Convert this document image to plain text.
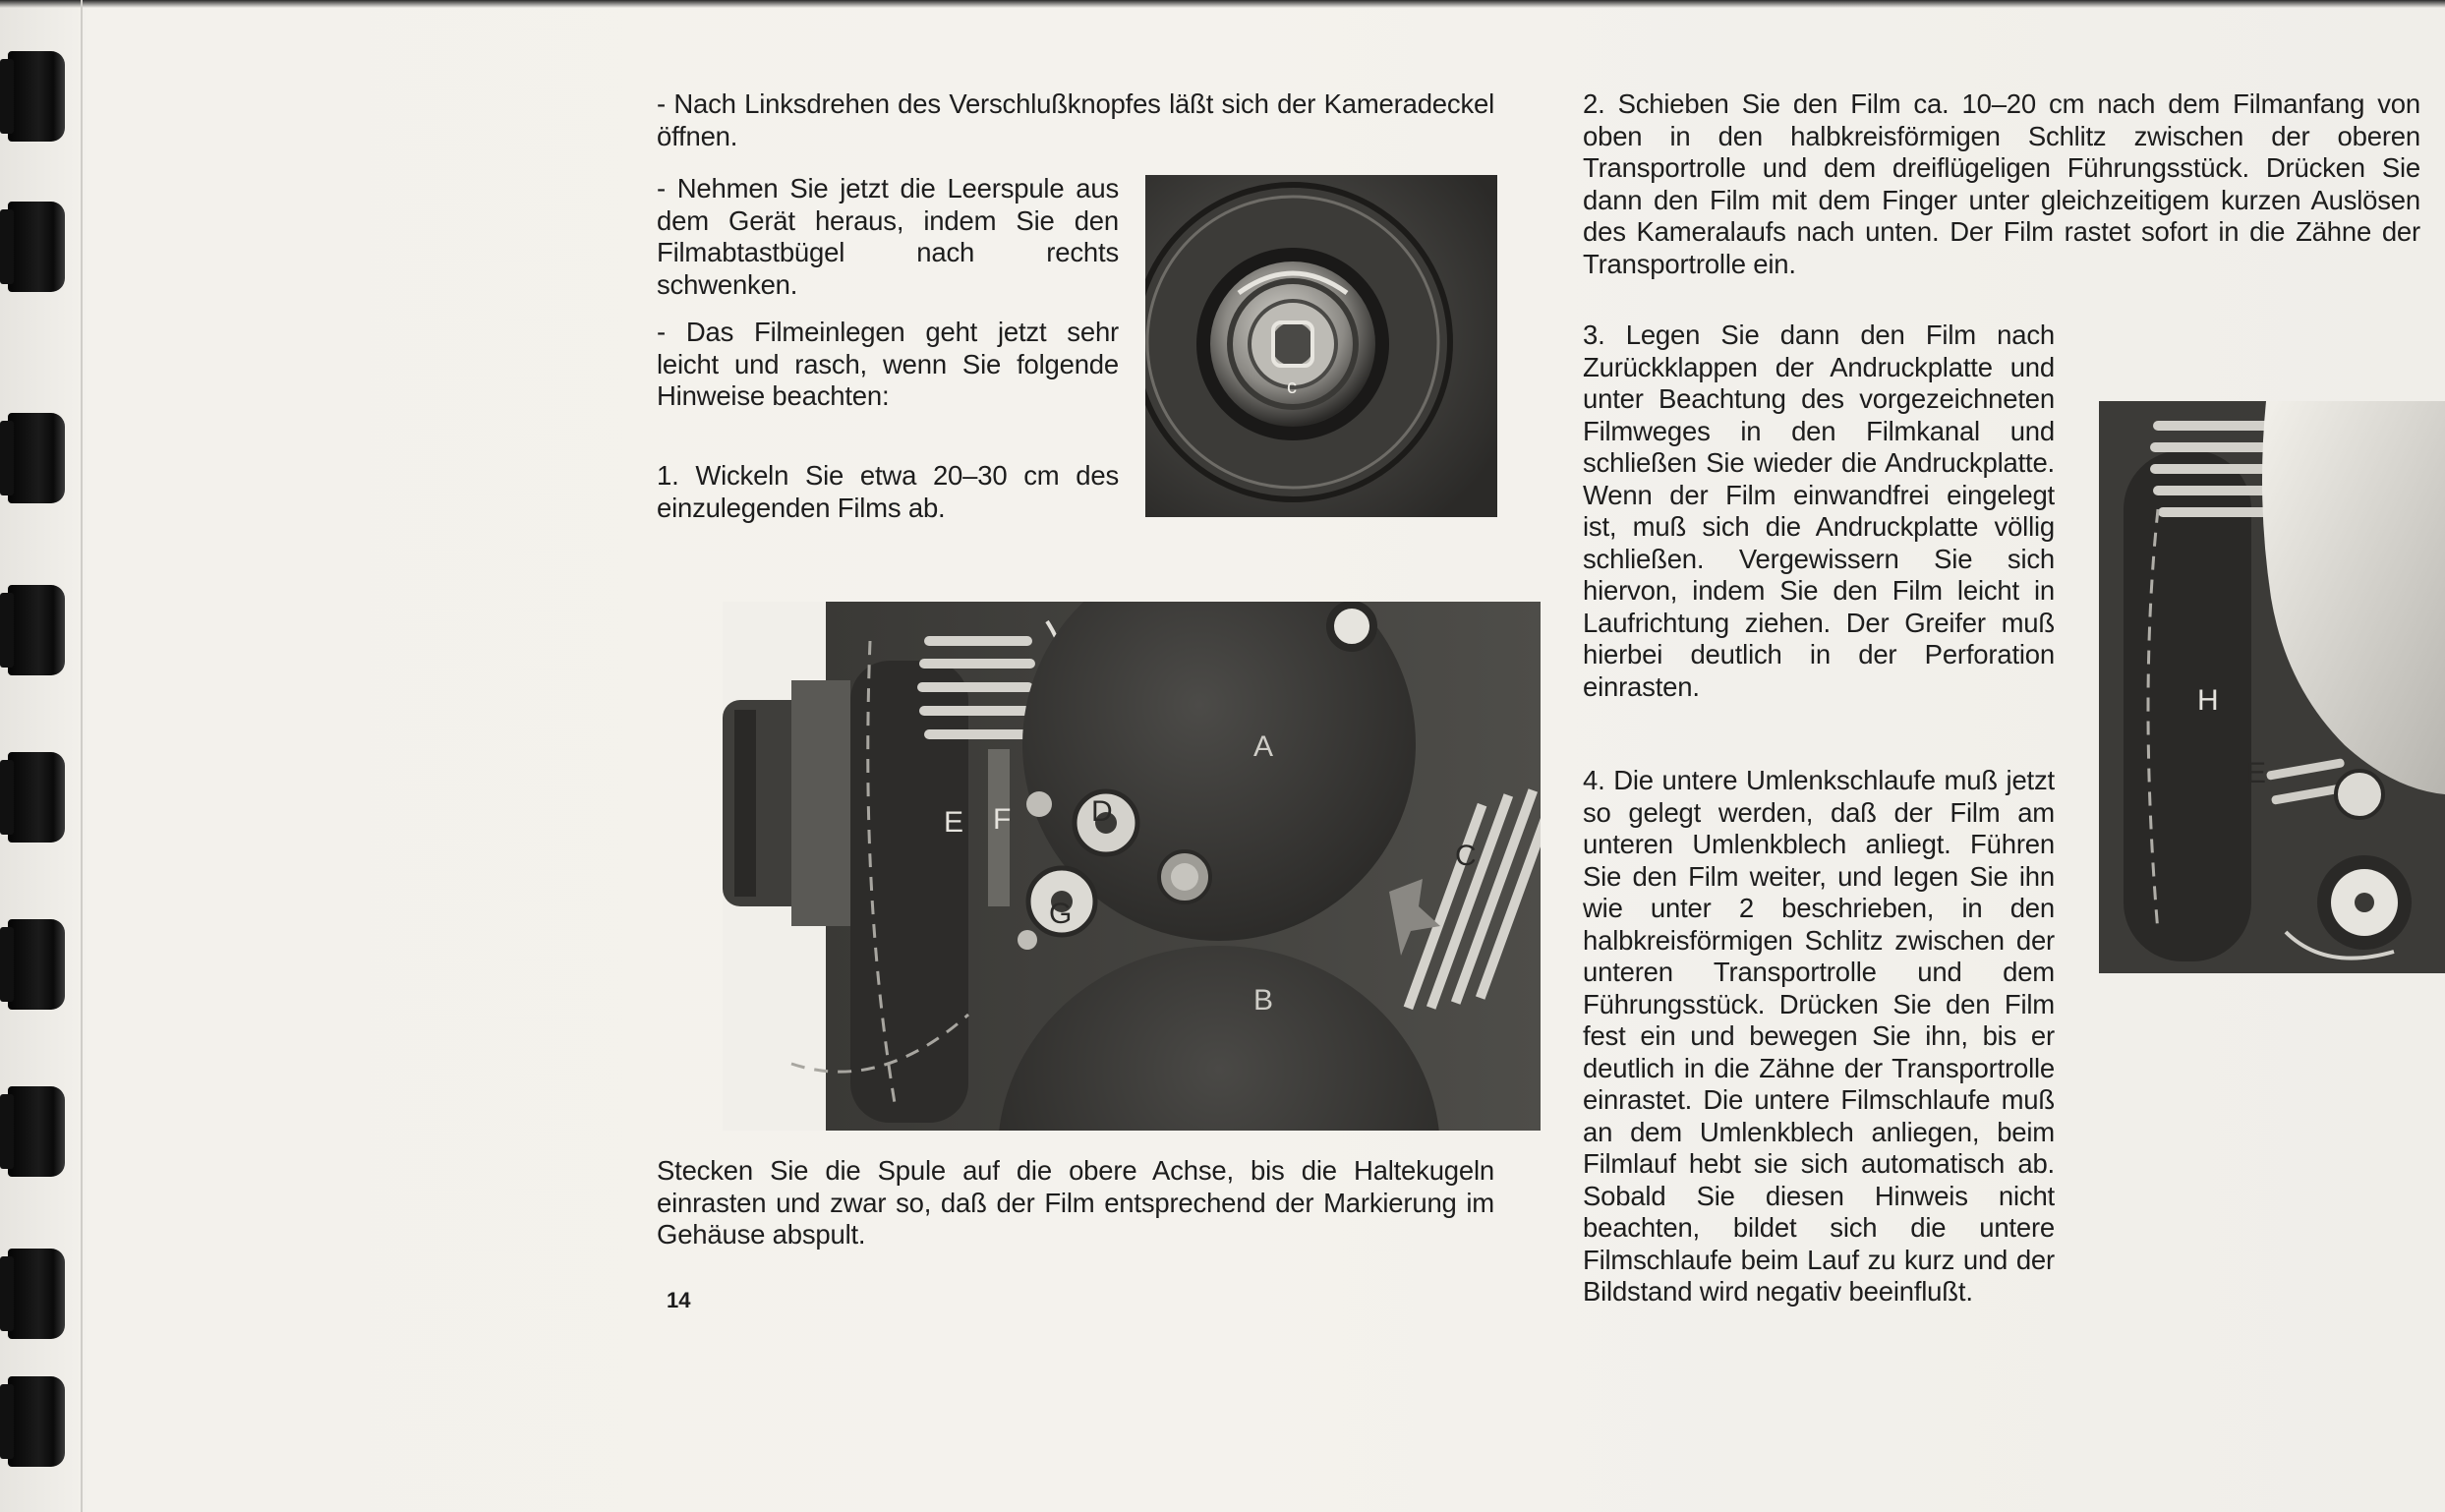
- Nach Linksdrehen des Verschlußknopfes läßt sich der Kameradeckel öffnen.

- Nehmen Sie jetzt die Leerspule aus dem Gerät heraus, indem Sie den Filmabtastbügel nach rechts schwenken.

- Das Filmeinlegen geht jetzt sehr leicht und rasch, wenn Sie folgende Hinweise beachten:

1. Wickeln Sie etwa 20–30 cm des einzulegenden Films ab.

c
F	D
G
E
A
B
C

Stecken Sie die Spule auf die obere Achse, bis die Haltekugeln einrasten und zwar so, daß der Film entsprechend der Markierung im Gehäuse abspult.

14

2. Schieben Sie den Film ca. 10–20 cm nach dem Filmanfang von oben in den halbkreisförmigen Schlitz zwischen der oberen Transportrolle und dem dreiflügeligen Führungsstück. Drücken Sie dann den Film mit dem Finger unter gleichzeitigem kurzen Auslösen des Kameralaufs nach unten. Der Film rastet sofort in die Zähne der Transportrolle ein.

3. Legen Sie dann den Film nach Zurückklappen der Andruckplatte und unter Beachtung des vorgezeichneten Filmweges in den Filmkanal und schließen Sie wieder die Andruckplatte. Wenn der Film einwandfrei eingelegt ist, muß sich die Andruckplatte völlig schließen. Vergewissern Sie sich hiervon, indem Sie den Film leicht in Laufrichtung ziehen. Der Greifer muß hierbei deutlich in der Perforation einrasten.

4. Die untere Umlenkschlaufe muß jetzt so gelegt werden, daß der Film am unteren Umlenkblech anliegt. Führen Sie den Film weiter, und legen Sie ihn wie unter 2 beschrieben, in den halbkreisförmigen Schlitz zwischen der unteren Transportrolle und dem Führungsstück. Drücken Sie den Film fest ein und bewegen Sie ihn, bis er deutlich in die Zähne der Transportrolle einrastet. Die untere Filmschlaufe muß an dem Umlenkblech anliegen, beim Filmlauf hebt sie sich automatisch ab. Sobald Sie diesen Hinweis nicht beachten, bildet sich die untere Filmschlaufe beim Lauf zu kurz und der Bildstand wird negativ beeinflußt.

H
E
